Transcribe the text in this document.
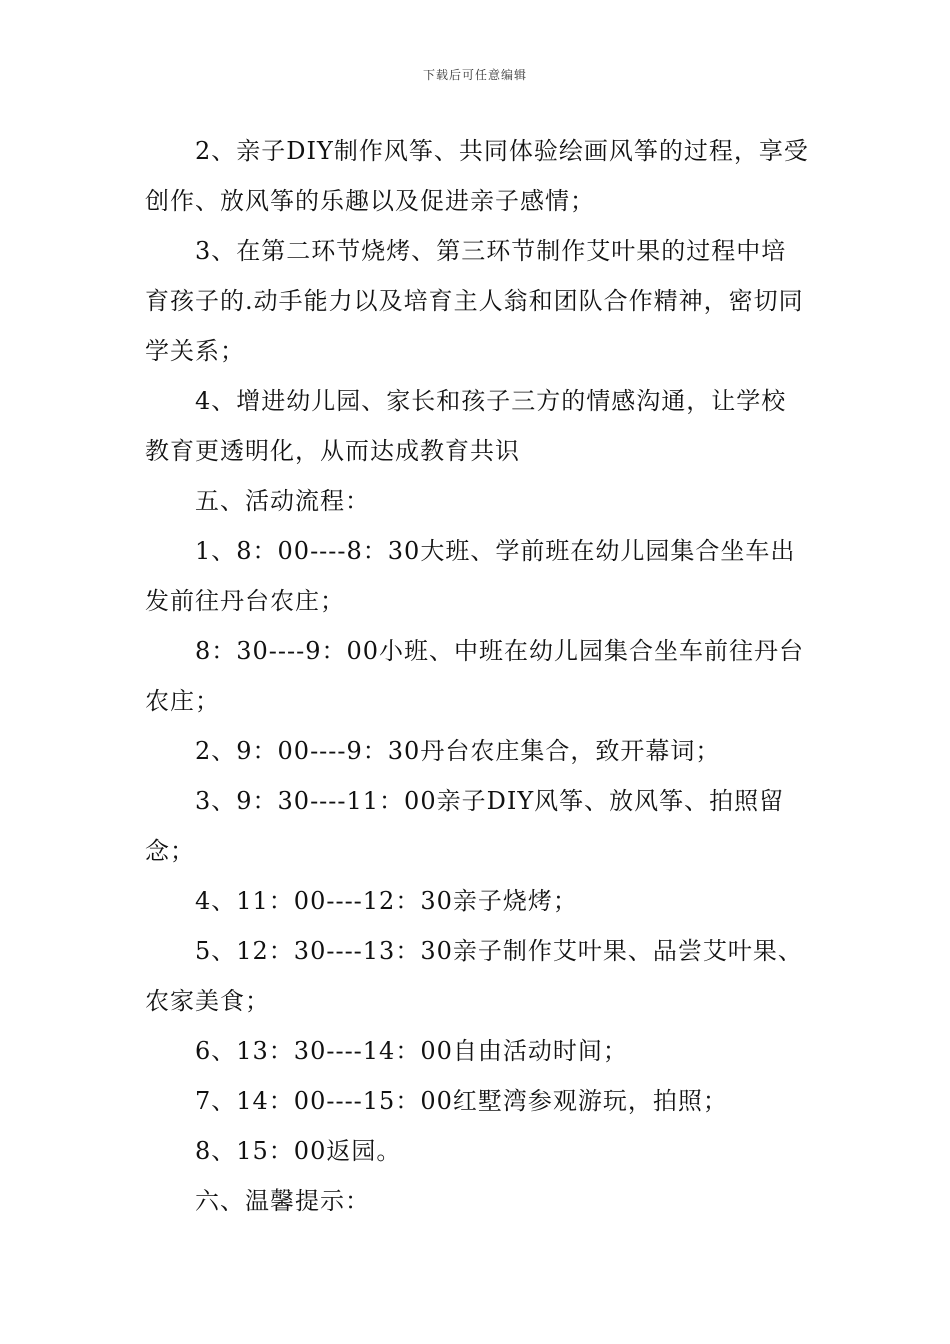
下载后可任意编辑

2、亲子DIY制作风筝、共同体验绘画风筝的过程，享受创作、放风筝的乐趣以及促进亲子感情；

3、在第二环节烧烤、第三环节制作艾叶果的过程中培育孩子的.动手能力以及培育主人翁和团队合作精神，密切同学关系；

4、增进幼儿园、家长和孩子三方的情感沟通，让学校教育更透明化，从而达成教育共识

五、活动流程：

1、8：00----8：30大班、学前班在幼儿园集合坐车出发前往丹台农庄；

8：30----9：00小班、中班在幼儿园集合坐车前往丹台农庄；

2、9：00----9：30丹台农庄集合，致开幕词；

3、9：30----11：00亲子DIY风筝、放风筝、拍照留念；

4、11：00----12：30亲子烧烤；

5、12：30----13：30亲子制作艾叶果、品尝艾叶果、农家美食；

6、13：30----14：00自由活动时间；

7、14：00----15：00红墅湾参观游玩，拍照；

8、15：00返园。

六、温馨提示：
